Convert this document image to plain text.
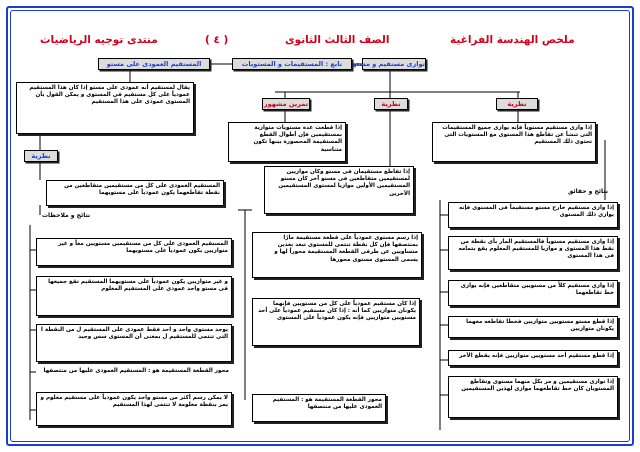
ملخص الهندسة الفراغية
الصف الثالث الثانوى
( ٤ )
منتدى توجيه الرياضيات
توازى مستقيم و مستو
تابع : المستقيمات و المستويات
المستقيم العمودى على مستو
تمرين مشهور	نظرية	نظرية
نظرية
نتائج و حقائق
نتائج و ملاحظات
يقال لمستقيم أنه عمودى على مستو إذا كان هذا المستقيم عمودياً على كل مستقيم فى المستوى و يمكن القول بأن المستوى عمودى على هذا المستقيم
إذا قطعت عدة مستويات متوازية بمستقيمين فإن أطوال القطع المستقيمة المحصورة بينها تكون متناسبة
إذا وازى مستقيم مستوياً فإنه يوازى جميع المستقيمات التى تنشأ عن تقاطع هذا المستوى مع المستويات التى تحتوى ذلك المستقيم
إذا تقاطع مستقيمان فى مستو وكان موازيين لمستقيمين متقاطعين فى مستو آخر كان مستو المستقيمين الأولين موازيا لمستوى المستقيمين الآخرين
المستقيم العمودى على كل من مستقيمين متقاطعين من نقطة تقاطعهما يكون عمودياً على مستويهما
المستقيم العمودى على كل من مستقيمين مستويين معاً و غير متوازيين يكون عمودياً على مستويهما
و غير متوازيين يكون عمودياً على مستويهما المستقيم تقع جميعها فى مستو واحد عمودى على المستقيم المعلوم
يوجد مستوى واحد و احد فقط عمودى على المستقيم ل من النقطة ا التى تنتمى للمستقيم ل بمعنى أن المستوى سس وحيد
محور القطعة المستقيمة هو : المستقيم العمودى عليها من منتصفها
لا يمكن رسم أكثر من مستو واحد يكون عمودياً على مستقيم معلوم و يمر بنقطة معلومة لا تنتمى لهذا المستقيم
إذا رسم مستوى عمودياً على قطعة مستقيمة مارًا بمنتصفها فإن كل نقطة تنتمى للمستوى تبعد بعدين متساويين عن طرفى القطعة المستقيمة محوراً لها و يسمى المستوى مستوى محورها
إذا كان مستقيم عمودياً على كل من مستويين فإنهما يكونان متوازيين كما أنه : إذا كان مستقيم عمودياً على أحد مستويين متوازيين فإنه يكون عمودياً على المستوى
محور القطعة المستقيمة هو : المستقيم العمودى عليها من منتصفها
إذا وازى مستقيم خارج مستو مستقيماً فى المستوى فإنه يوازى ذلك المستوى
إذا وازى مستقيم مستوياً فالمستقيم المار بأى نقطة من نقط هذا المستوى و موازيا للمستقيم المعلوم يقع بتمامه فى هذا المستوى
إذا وازى مستقيم كلاً من مستويين متقاطعين فإنه يوازى خط تقاطعهما
إذا قطع مستو مستويين متوازيين فخطا تقاطعه معهما يكونان متوازيين
إذا قطع مستقيم أحد مستويين متوازيين فإنه يقطع الآخر
إذا توازى مستقيمين و مر بكل منهما مستوى وتقاطع المستويان كان خط تقاطعهما موازى لهذين المستقيمين
